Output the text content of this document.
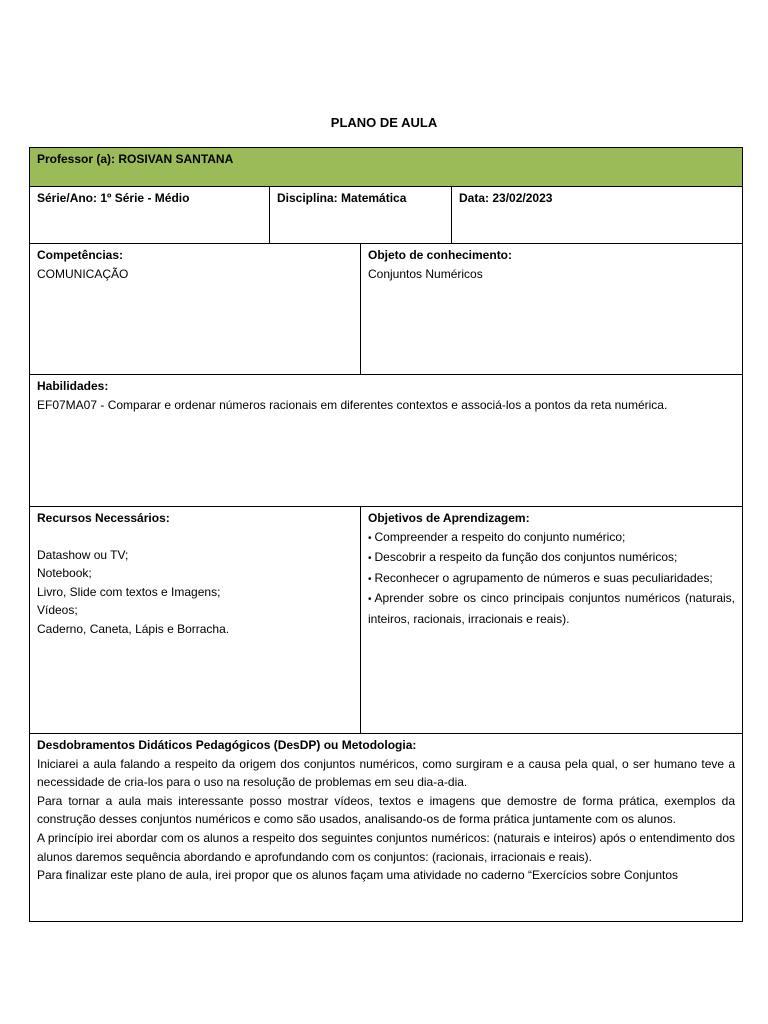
PLANO DE AULA
Professor (a): ROSIVAN SANTANA
Série/Ano: 1º Série - Médio	Disciplina: Matemática	Data: 23/02/2023
Competências:
COMUNICAÇÃO
Objeto de conhecimento:
Conjuntos Numéricos
Habilidades:
EF07MA07 - Comparar e ordenar números racionais em diferentes contextos e associá-los a pontos da reta numérica.
Recursos Necessários:
Datashow ou TV;
Notebook;
Livro, Slide com textos e Imagens;
Vídeos;
Caderno, Caneta, Lápis e Borracha.
Objetivos de Aprendizagem:
• Compreender a respeito do conjunto numérico;
• Descobrir a respeito da função dos conjuntos numéricos;
• Reconhecer o agrupamento de números e suas peculiaridades;
• Aprender sobre os cinco principais conjuntos numéricos (naturais, inteiros, racionais, irracionais e reais).
Desdobramentos Didáticos Pedagógicos (DesDP) ou Metodologia:
Iniciarei a aula falando a respeito da origem dos conjuntos numéricos, como surgiram e a causa pela qual, o ser humano teve a necessidade de cria-los para o uso na resolução de problemas em seu dia-a-dia.
Para tornar a aula mais interessante posso mostrar vídeos, textos e imagens que demostre de forma prática, exemplos da construção desses conjuntos numéricos e como são usados, analisando-os de forma prática juntamente com os alunos.
A princípio irei abordar com os alunos a respeito dos seguintes conjuntos numéricos: (naturais e inteiros) após o entendimento dos alunos daremos sequência abordando e aprofundando com os conjuntos: (racionais, irracionais e reais).
Para finalizar este plano de aula, irei propor que os alunos façam uma atividade no caderno “Exercícios sobre Conjuntos
